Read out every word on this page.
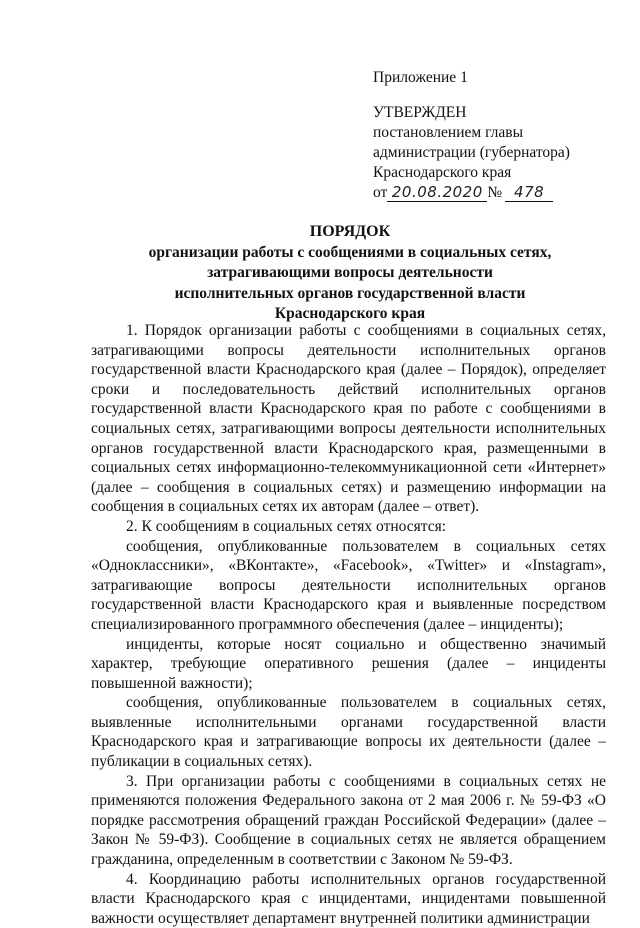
Приложение 1
УТВЕРЖДЕН
постановлением главы
администрации (губернатора)
Краснодарского края
от 20.08.2020 № 478
ПОРЯДОК
организации работы с сообщениями в социальных сетях,
затрагивающими вопросы деятельности
исполнительных органов государственной власти
Краснодарского края

1. Порядок организации работы с сообщениями в социальных сетях, затрагивающими вопросы деятельности исполнительных органов государственной власти Краснодарского края (далее – Порядок), определяет сроки и последовательность действий исполнительных органов государственной власти Краснодарского края по работе с сообщениями в социальных сетях, затрагивающими вопросы деятельности исполнительных органов государственной власти Краснодарского края, размещенными в социальных сетях информационно-телекоммуникационной сети «Интернет» (далее – сообщения в социальных сетях) и размещению информации на сообщения в социальных сетях их авторам (далее – ответ).

2. К сообщениям в социальных сетях относятся:

сообщения, опубликованные пользователем в социальных сетях «Одноклассники», «ВКонтакте», «Facebook», «Twitter» и «Instagram», затрагивающие вопросы деятельности исполнительных органов государственной власти Краснодарского края и выявленные посредством специализированного программного обеспечения (далее – инциденты);

инциденты, которые носят социально и общественно значимый характер, требующие оперативного решения (далее – инциденты повышенной важности);

сообщения, опубликованные пользователем в социальных сетях, выявленные исполнительными органами государственной власти Краснодарского края и затрагивающие вопросы их деятельности (далее – публикации в социальных сетях).

3. При организации работы с сообщениями в социальных сетях не применяются положения Федерального закона от 2 мая 2006 г. № 59-ФЗ «О порядке рассмотрения обращений граждан Российской Федерации» (далее – Закон № 59-ФЗ). Сообщение в социальных сетях не является обращением гражданина, определенным в соответствии с Законом № 59-ФЗ.

4. Координацию работы исполнительных органов государственной власти Краснодарского края с инцидентами, инцидентами повышенной важности осуществляет департамент внутренней политики администрации
